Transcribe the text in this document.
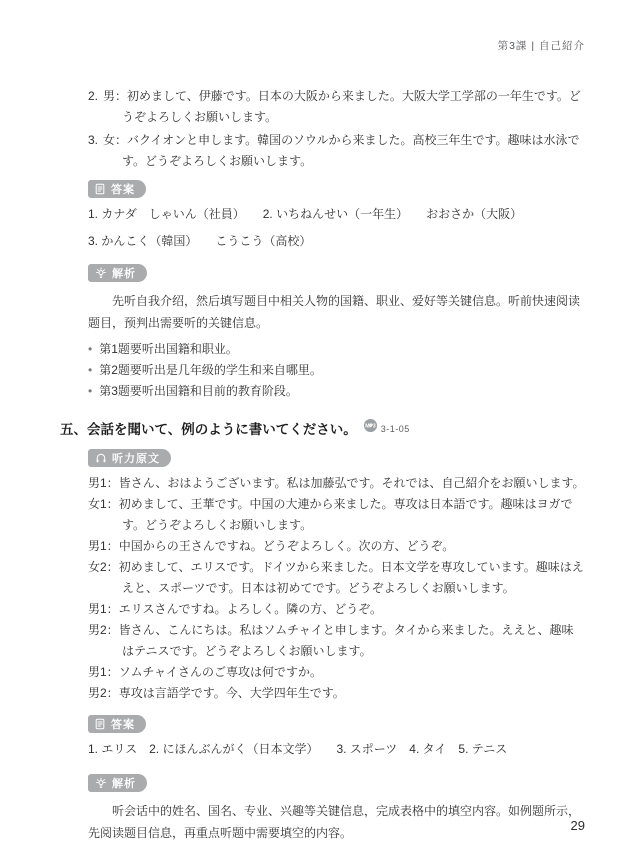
第3課 | 自己紹介
2. 男：初めまして、伊藤です。日本の大阪から来ました。大阪大学工学部の一年生です。どうぞよろしくお願いします。
3. 女：バクイオンと申します。韓国のソウルから来ました。高校三年生です。趣味は水泳です。どうぞよろしくお願いします。
答案
1. カナダ　しゃいん（社員）　　2. いちねんせい（一年生）　　おおさか（大阪）
3. かんこく（韓国）　　こうこう（高校）
解析

先听自我介绍，然后填写题目中相关人物的国籍、职业、爱好等关键信息。听前快速阅读题目，预判出需要听的关键信息。

• 第1题要听出国籍和职业。
• 第2题要听出是几年级的学生和来自哪里。
• 第3题要听出国籍和目前的教育阶段。
五、会話を聞いて、例のように書いてください。 MP3 3-1-05
听力原文
男1：皆さん、おはようございます。私は加藤弘です。それでは、自己紹介をお願いします。
女1：初めまして、王華です。中国の大連から来ました。専攻は日本語です。趣味はヨガです。どうぞよろしくお願いします。
男1：中国からの王さんですね。どうぞよろしく。次の方、どうぞ。
女2：初めまして、エリスです。ドイツから来ました。日本文学を専攻しています。趣味はええと、スポーツです。日本は初めてです。どうぞよろしくお願いします。
男1：エリスさんですね。よろしく。隣の方、どうぞ。
男2：皆さん、こんにちは。私はソムチャイと申します。タイから来ました。ええと、趣味はテニスです。どうぞよろしくお願いします。
男1：ソムチャイさんのご専攻は何ですか。
男2：専攻は言語学です。今、大学四年生です。
答案
1. エリス　2. にほんぶんがく（日本文学）　　3. スポーツ　4. タイ　5. テニス
解析

听会话中的姓名、国名、专业、兴趣等关键信息，完成表格中的填空内容。如例题所示，先阅读题目信息，再重点听题中需要填空的内容。	29
